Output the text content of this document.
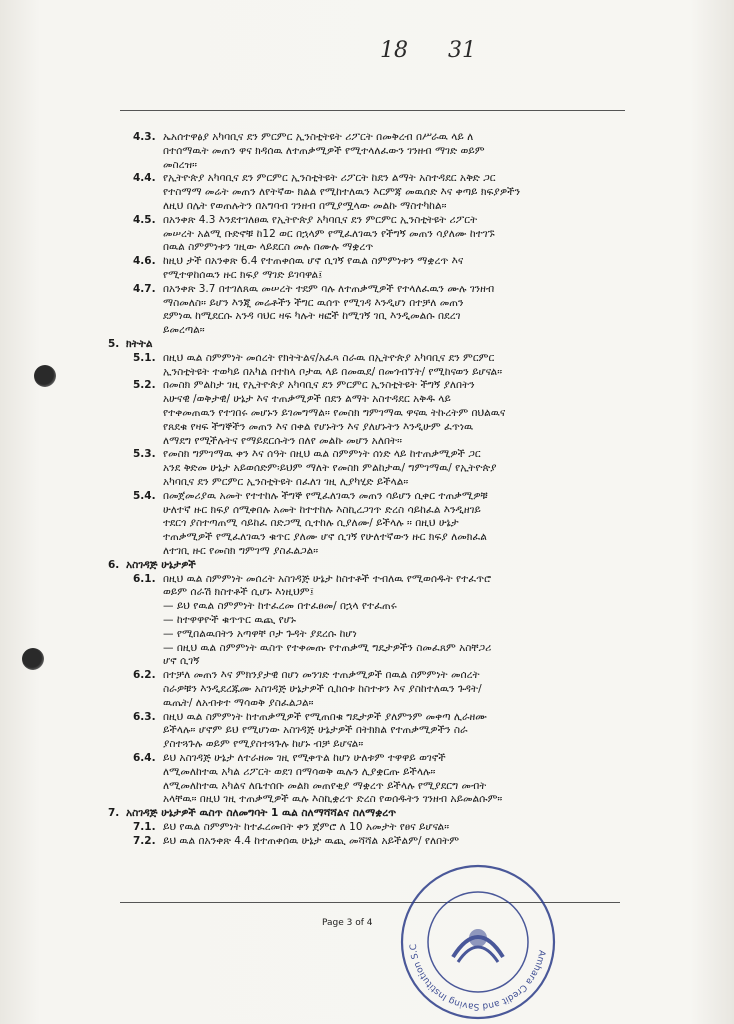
18 31
4.3. ኤአሰተዋፅያ አካባቢና ደን ምርምር ኢንስቲትዩት ሪፖርት በመቅረብ በሥራዉ ላይ ለ
በተሰማዉት መጠን ዋና ክዳሰዉ ለተጠቃሚዎች የሚተላለፈውን ገንዘብ ማገድ ወይም
መስረዝ።
4.4. የኢትዮጵያ አካባቢና ደን ምርምር ኢንስቲትዩት ሪፖርት ከደን ልማት አስተዳደር አቅድ ጋር
የተስማማ መሬት መጠን ለየትኛው ክልል የሚከተለዉን እርምጃ መዉሰድ እና ቀጣይ ክፍያዎችን
ለዚህ በሌት የወጠሉትን በአግባብ ገንዘብ በሚያሟላው መልኩ ማስተካከል።
4.5. በአንቀጽ 4.3 እንደተገለፀዉ የኢትዮጵያ አካባቢና ደን ምርምር ኢንስቲትዩት ሪፖርት
መሠረት አልሚ ቡድኖቹ ከ12 ወር በኋላም የሚፈለገዉን የችግኝ መጠን ሳያለሙ ከተገኙ
በዉል ስምምነቱን ገዚው ላይደርስ መሉ በሙሉ ማቋረጥ
4.6. ከዚህ ታች በአንቀጽ 6.4 የተጠቀሰዉ ሆኖ ሲገኝ የዉል ስምምነቱን ማቋረጥ እና
የሚተዋከሰዉን ዙር ክፍያ ማገድ ይገባዋል፤
4.7. በአንቀጽ 3.7 በተገለጸዉ መሠረት ተደም ባሉ ለተጠቃሚዎች የተላለፈዉን ሙሉ ገንዘብ
ማስመለስ። ይሆን እንጂ መሬቶችን ችግር ዉሰጥ የሚገዳ እንዲሆነ በተቻለ መጠን
ደምነዉ ከሚደርሱ አንዳ ባህር ዛፍ ካሉት ዛፎች ከሚገኝ ገቢ እንዲመልሱ በደረገ
ይመረጣል።
5. ክትትል
5.1. በዚህ ዉል ስምምነት መሰረት የክትትልና/አፈጻ ስራዉ በኢትዮጵያ አካባቢና ደን ምርምር
ኢንስቲትዩት ተወካይ በአካል በተከላ ቦታዉ ላይ በመዉደ/ በመጎብኘት/ የሚከናወን ይሆናል።
5.2. በመስክ ምልከታ ገዚ የኢትዮጵያ አካባቢና ደን ምርምር ኢንስቲትዩት ችግኝ ያለበትን
አሁናዊ /ወቅታዊ/ ሁኔታ እና ተጠቃሚዎች በደን ልማት አስተዳደር አቅዱ ላይ
የተቀመጠዉን የተገበሩ መሆኑን ይገመግማል። የመስክ ግምገማዉ ዋናዉ ትኩረትም በህልዉና
የጸደቁ የዛፍ ችግኞችን መጠን እና በቀል የሆኑትን እና ያለሆኑትን እንዲሁም ፈጥነዉ
ለማደግ የሚችሉትና የማይደርሱትን በለየ መልኩ መሆን አለበት።
5.3. የመስክ ግምገማዉ ቀን እና ሰዓት በዚህ ዉል ስምምነት ሰነድ ላይ ከተጠቃሚዎች ጋር
አንደ ቅድመ ሁኔታ አይወሰድም፡ይህም ማለት የመስክ ምልከታዉ/ ግምገማዉ/ የኢትዮጵያ
አካባቢና ደን ምርምር ኢንስቲትዩት በፈለገ ገዚ ሊያካሂድ ይችላል።
5.4. በመጀመሪያዉ አመት የተተከሉ ችግኞ የሚፈለገዉን መጠን ሳይሆን ሲቀር ተጠቃሚዎቹ
ሁለተኛ ዙር ክፍያ ሰሚቀበሉ አመት ከተተከሉ እስኪረጋገጥ ድረስ ሳይከፈል እንዲዘገይ
ተደርጎ ያስተጣጠሚ ሳይከፈ በድጋሚ ሲተከሉ ሲያለሙ/ ይችላሉ ። በዚህ ሁኔታ
ተጠቃሚዎች የሚፈለገዉን ቁጥር ያለሙ ሆኖ ሲገኝ የሁለተኛውን ዙር ክፍያ ለመክፈል
ለተገቢ ዙር የመስክ ግምገማ ያስፈልጋል።
6. አስገዳጅ ሁኔታዎች
6.1. በዚህ ዉል ስምምነት መሰረት አስገዳጅ ሁኔታ ከስተቶች ተብለዉ የሚወሰዱት የተፈጥሮ
ወይም ሰራሽ ክስተቶች ሲሆኑ እነዚህም፤
— ይህ የዉል ስምምነት ከተፈረመ በተፈፀመ/ በኋላ የተፈጠሩ
— ከተዋዋዮች ቁጥጥር ዉጪ የሆኑ
— የሚበልዉበትን አጣዋቸ ቦታ ጉዳት ያደረሱ ከሆነ
— በዚህ ዉል ስምምነት ዉስጥ የተቀመጡ የተጠቃሚ ግዴታዎችን ስመፈጸም አስቸጋሪ
ሆኖ ሲገኝ
6.2. በተቻለ መጠን እና ምክንያታዊ በሆነ መንገድ ተጠቃሚዎች በዉል ስምምነት መሰረት
ስራዎቹን እንዲደረጁሙ አስገዳጅ ሁኔታዎች ሲከሰቱ ከስተቱን እና ያስከተለዉን ጉዳት/
ዉጤት/ ለአብቱተ ማሳወቅ ያስፈልጋል።
6.3. በዚህ ዉል ስምምነት ከተጠቃሚዎች የሚጠበቁ ግዴታዎች ያለምንም መቀጣ ሊራዘሙ
ይችላሉ። ሆኖም ይህ የሚሆነው አስገዳጅ ሁኔታዎች በትክክል የተጠቃሚዎችን ስራ
ያስተጓጉሉ ወይም የሚያስተጓጉሉ ከሆኑ ብቻ ይሆናል።
6.4. ይህ አስገዳጅ ሁኔታ ለተራዘመ ገዚ የሚቀጥል ከሆነ ሁለቱም ተዋዋይ ወገኖች
ለሚመለከተዉ አካል ሪፖርት ወደገ በማሳወቅ ዉሉን ሊያቋርጡ ይችላሉ።
ለሚመለከተዉ አካልና ለቤተሰቡ መልክ መጠየቂያ ማቋረጥ ይችላሉ የሚያደርግ መብት
አላቸዉ። በዚህ ገዚ ተጠቃሚዎች ዉሉ እስኪቋረጥ ድረስ የወሰዱትን ገንዘብ አይመልሱም።
7. አስገዳጅ ሁኔታዎች ዉስጥ ስለመግባት 1 ዉል ስለማሻሻልና ስለማቋረጥ
7.1. ይህ የዉል ስምምነት ከተፈረመበት ቀን ጀምሮ ለ 10 አመታት የፀና ይሆናል።
7.2. ይህ ዉል በአንቀጽ 4.4 ከተጠቀሰዉ ሁኔታ ዉጪ መሻሻል አይችልም/ የለበትም
Page 3 of 4
Amhara Credit and Saving Institution S.C
